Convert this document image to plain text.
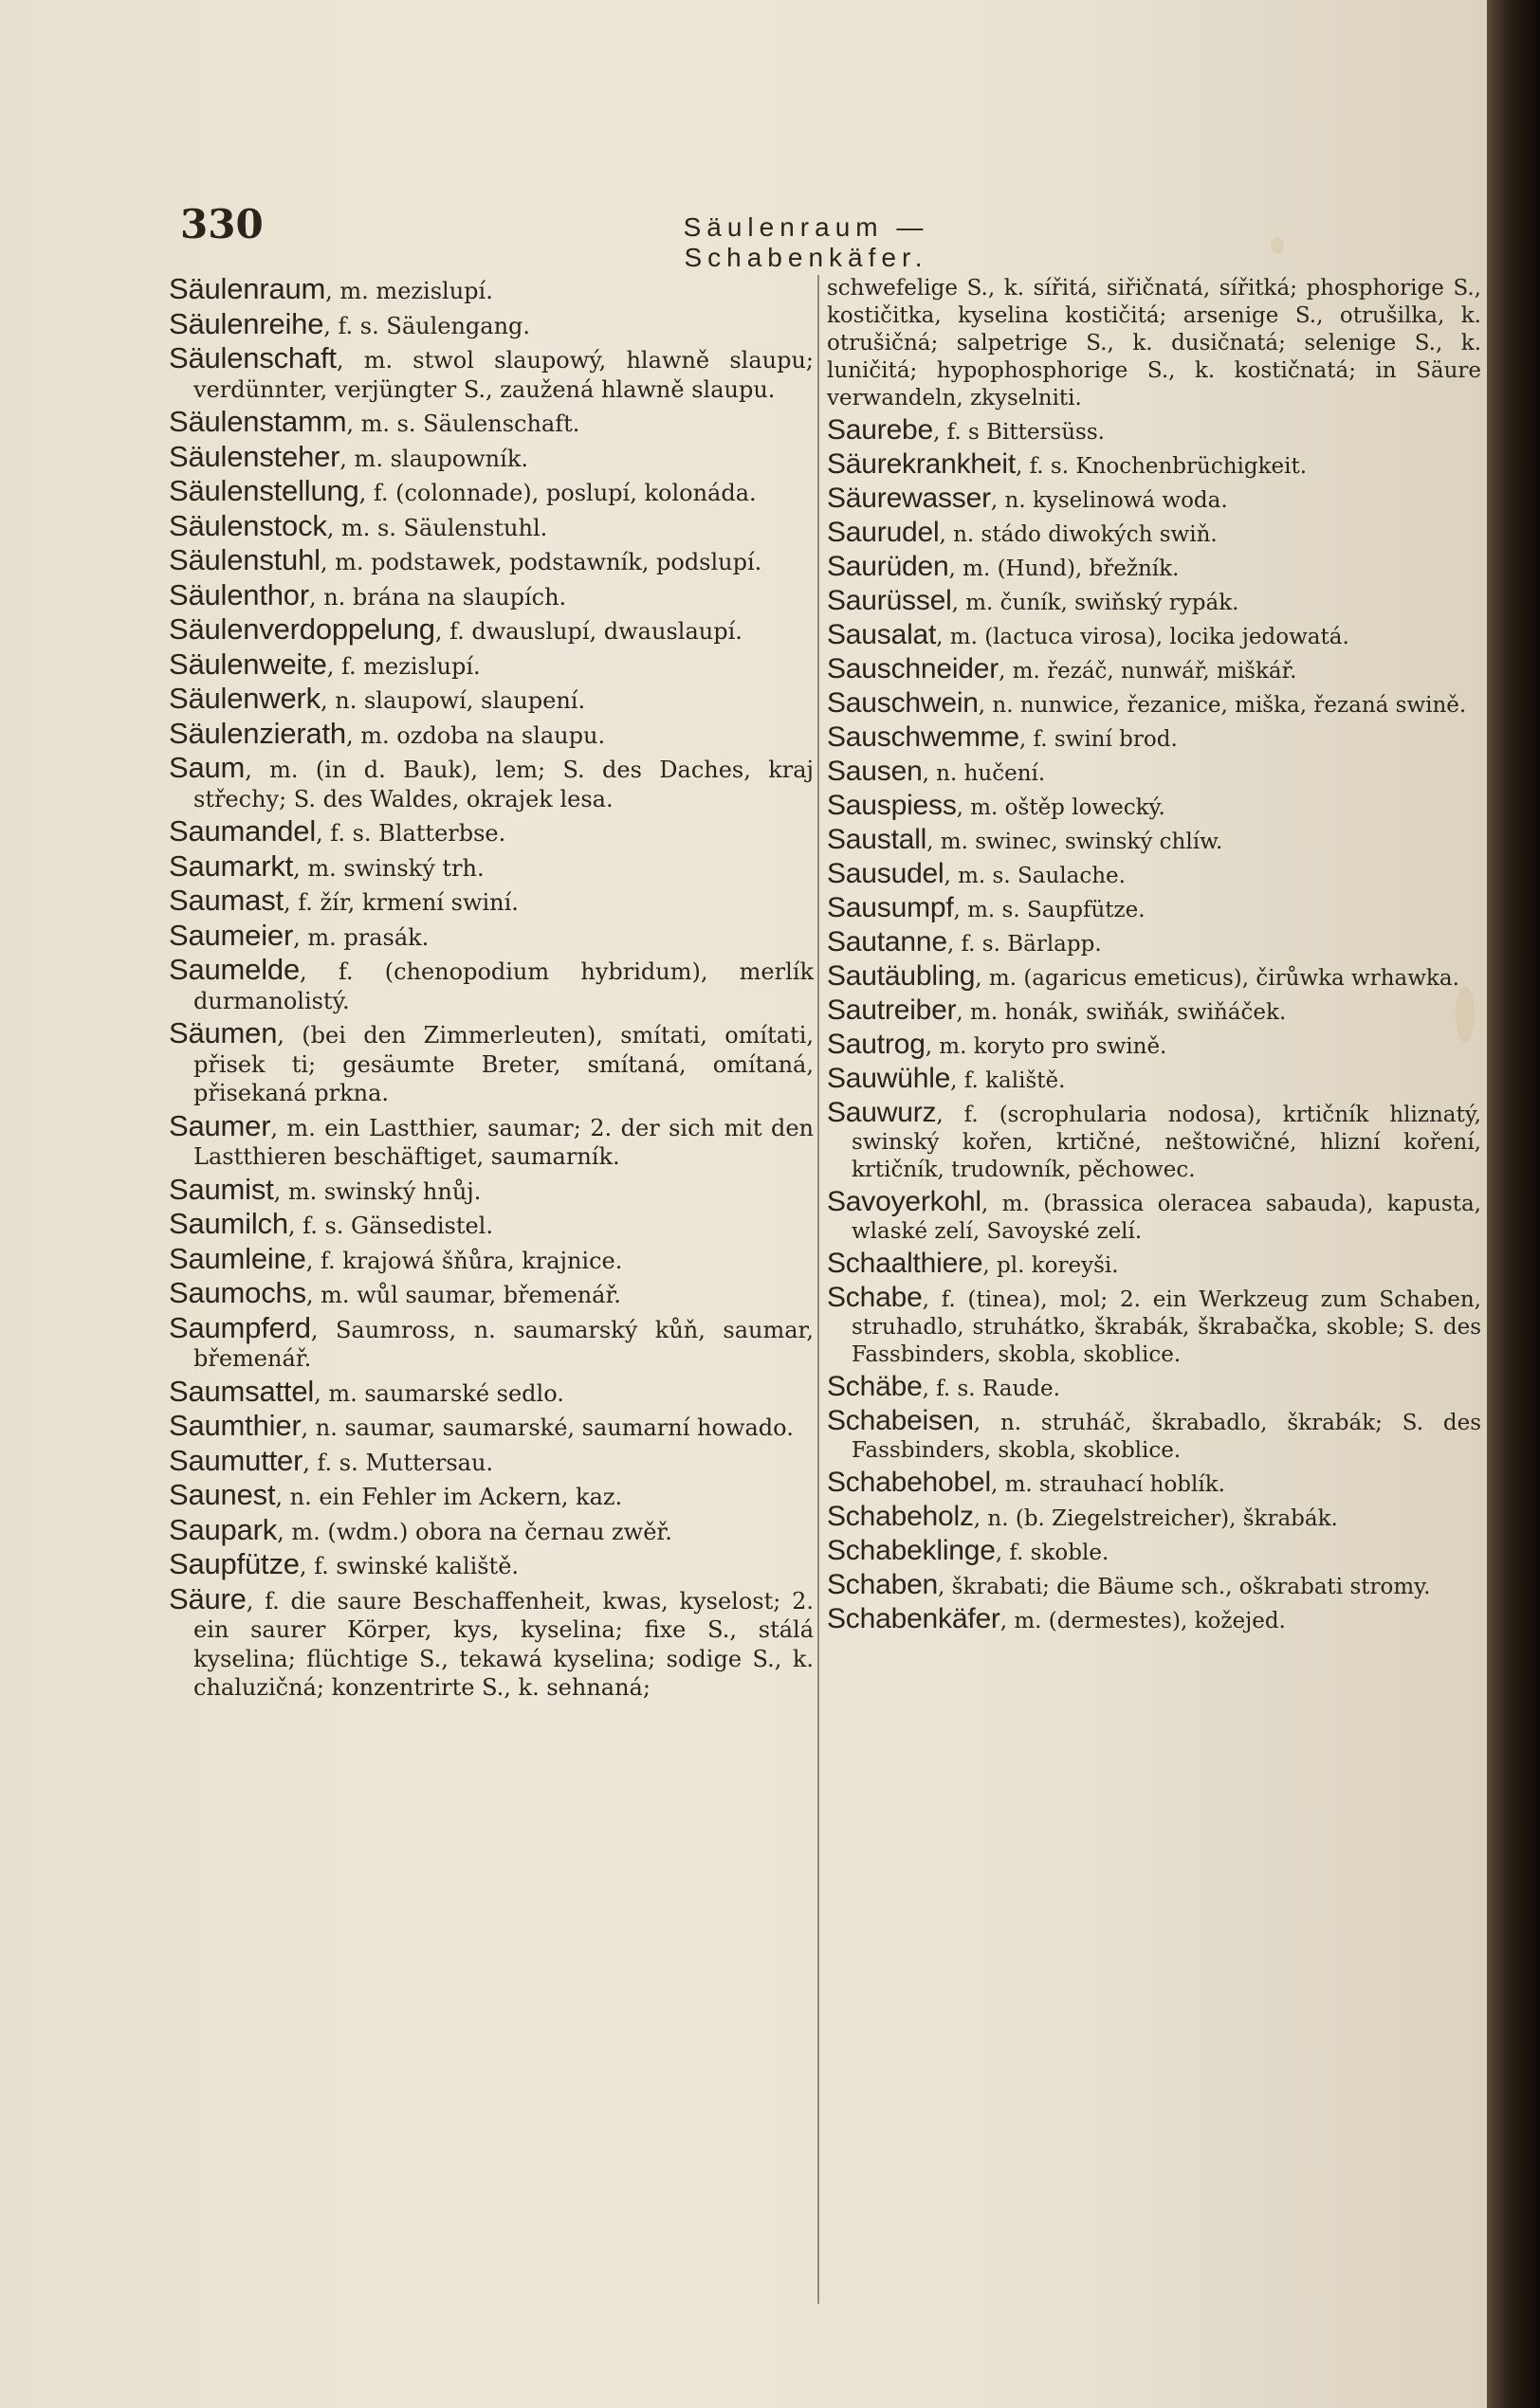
330	Säulenraum — Schabenkäfer.

Säulenraum, m. mezislupí.

Säulenreihe, f. s. Säulengang.

Säulenschaft, m. stwol slaupowý, hlawně slaupu; verdünnter, verjüngter S., zaužená hlawně slaupu.

Säulenstamm, m. s. Säulenschaft.

Säulensteher, m. slaupowník.

Säulenstellung, f. (colonnade), poslupí, kolonáda.

Säulenstock, m. s. Säulenstuhl.

Säulenstuhl, m. podstawek, podstawník, podslupí.

Säulenthor, n. brána na slaupích.

Säulenverdoppelung, f. dwauslupí, dwauslaupí.

Säulenweite, f. mezislupí.

Säulenwerk, n. slaupowí, slaupení.

Säulenzierath, m. ozdoba na slaupu.

Saum, m. (in d. Bauk), lem; S. des Daches, kraj střechy; S. des Waldes, okrajek lesa.

Saumandel, f. s. Blatterbse.

Saumarkt, m. swinský trh.

Saumast, f. žír, krmení swiní.

Saumeier, m. prasák.

Saumelde, f. (chenopodium hybridum), merlík durmanolistý.

Säumen, (bei den Zimmerleuten), smítati, omítati, přisek ti; gesäumte Breter, smítaná, omítaná, přisekaná prkna.

Saumer, m. ein Lastthier, saumar; 2. der sich mit den Lastthieren beschäftiget, saumarník.

Saumist, m. swinský hnůj.

Saumilch, f. s. Gänsedistel.

Saumleine, f. krajowá šňůra, krajnice.

Saumochs, m. wůl saumar, břemenář.

Saumpferd, Saumross, n. saumarský kůň, saumar, břemenář.

Saumsattel, m. saumarské sedlo.

Saumthier, n. saumar, saumarské, saumarní howado.

Saumutter, f. s. Muttersau.

Saunest, n. ein Fehler im Ackern, kaz.

Saupark, m. (wdm.) obora na černau zwěř.

Saupfütze, f. swinské kaliště.

Säure, f. die saure Beschaffenheit, kwas, kyselost; 2. ein saurer Körper, kys, kyselina; fixe S., stálá kyselina; flüchtige S., tekawá kyselina; sodige S., k. chaluzičná; konzentrirte S., k. sehnaná;

schwefelige S., k. sířitá, siřičnatá, sířitká; phosphorige S., kostičitka, kyselina kostičitá; arsenige S., otrušilka, k. otrušičná; salpetrige S., k. dusičnatá; selenige S., k. luničitá; hypophosphorige S., k. kostičnatá; in Säure verwandeln, zkyselniti.

Saurebe, f. s Bittersüss.

Säurekrankheit, f. s. Knochenbrüchigkeit.

Säurewasser, n. kyselinowá woda.

Saurudel, n. stádo diwokých swiň.

Saurüden, m. (Hund), břežník.

Saurüssel, m. čuník, swiňský rypák.

Sausalat, m. (lactuca virosa), locika jedowatá.

Sauschneider, m. řezáč, nunwář, miškář.

Sauschwein, n. nunwice, řezanice, miška, řezaná swině.

Sauschwemme, f. swiní brod.

Sausen, n. hučení.

Sauspiess, m. oštěp lowecký.

Saustall, m. swinec, swinský chlíw.

Sausudel, m. s. Saulache.

Sausumpf, m. s. Saupfütze.

Sautanne, f. s. Bärlapp.

Sautäubling, m. (agaricus emeticus), čirůwka wrhawka.

Sautreiber, m. honák, swiňák, swiňáček.

Sautrog, m. koryto pro swině.

Sauwühle, f. kaliště.

Sauwurz, f. (scrophularia nodosa), krtičník hliznatý, swinský kořen, krtičné, neštowičné, hlizní koření, krtičník, trudowník, pěchowec.

Savoyerkohl, m. (brassica oleracea sabauda), kapusta, wlaské zelí, Savoyské zelí.

Schaalthiere, pl. koreyši.

Schabe, f. (tinea), mol; 2. ein Werkzeug zum Schaben, struhadlo, struhátko, škrabák, škrabačka, skoble; S. des Fassbinders, skobla, skoblice.

Schäbe, f. s. Raude.

Schabeisen, n. struháč, škrabadlo, škrabák; S. des Fassbinders, skobla, skoblice.

Schabehobel, m. strauhací hoblík.

Schabeholz, n. (b. Ziegelstreicher), škrabák.

Schabeklinge, f. skoble.

Schaben, škrabati; die Bäume sch., oškrabati stromy.

Schabenkäfer, m. (dermestes), kožejed.
